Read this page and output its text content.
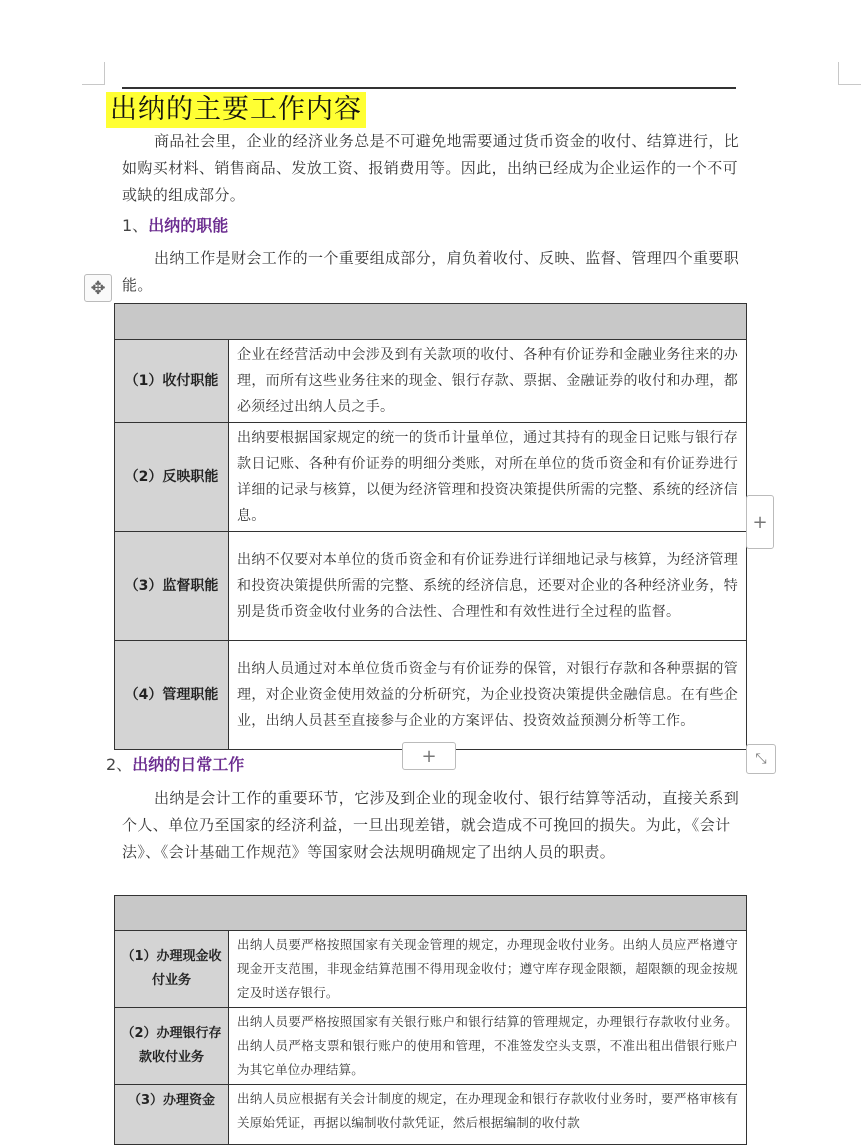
出纳的主要工作内容
商品社会里，企业的经济业务总是不可避免地需要通过货币资金的收付、结算进行，比如购买材料、销售商品、发放工资、报销费用等。因此，出纳已经成为企业运作的一个不可或缺的组成部分。
1、出纳的职能
出纳工作是财会工作的一个重要组成部分，肩负着收付、反映、监督、管理四个重要职能。
✥

（1）收付职能	企业在经营活动中会涉及到有关款项的收付、各种有价证券和金融业务往来的办理，而所有这些业务往来的现金、银行存款、票据、金融证券的收付和办理，都必须经过出纳人员之手。
（2）反映职能	出纳要根据国家规定的统一的货币计量单位，通过其持有的现金日记账与银行存款日记账、各种有价证券的明细分类账，对所在单位的货币资金和有价证券进行详细的记录与核算，以便为经济管理和投资决策提供所需的完整、系统的经济信息。
（3）监督职能	出纳不仅要对本单位的货币资金和有价证券进行详细地记录与核算，为经济管理和投资决策提供所需的完整、系统的经济信息，还要对企业的各种经济业务，特别是货币资金收付业务的合法性、合理性和有效性进行全过程的监督。
（4）管理职能	出纳人员通过对本单位货币资金与有价证券的保管，对银行存款和各种票据的管理，对企业资金使用效益的分析研究，为企业投资决策提供金融信息。在有些企业，出纳人员甚至直接参与企业的方案评估、投资效益预测分析等工作。
+
+	⤡
2、出纳的日常工作
出纳是会计工作的重要环节，它涉及到企业的现金收付、银行结算等活动，直接关系到个人、单位乃至国家的经济利益，一旦出现差错，就会造成不可挽回的损失。为此，《会计法》、《会计基础工作规范》等国家财会法规明确规定了出纳人员的职责。

（1）办理现金收付业务	出纳人员要严格按照国家有关现金管理的规定，办理现金收付业务。出纳人员应严格遵守现金开支范围，非现金结算范围不得用现金收付；遵守库存现金限额，超限额的现金按规定及时送存银行。
（2）办理银行存款收付业务	出纳人员要严格按照国家有关银行账户和银行结算的管理规定，办理银行存款收付业务。出纳人员严格支票和银行账户的使用和管理，不准签发空头支票，不准出租出借银行账户为其它单位办理结算。
（3）办理资金	出纳人员应根据有关会计制度的规定，在办理现金和银行存款收付业务时，要严格审核有关原始凭证，再据以编制收付款凭证，然后根据编制的收付款
